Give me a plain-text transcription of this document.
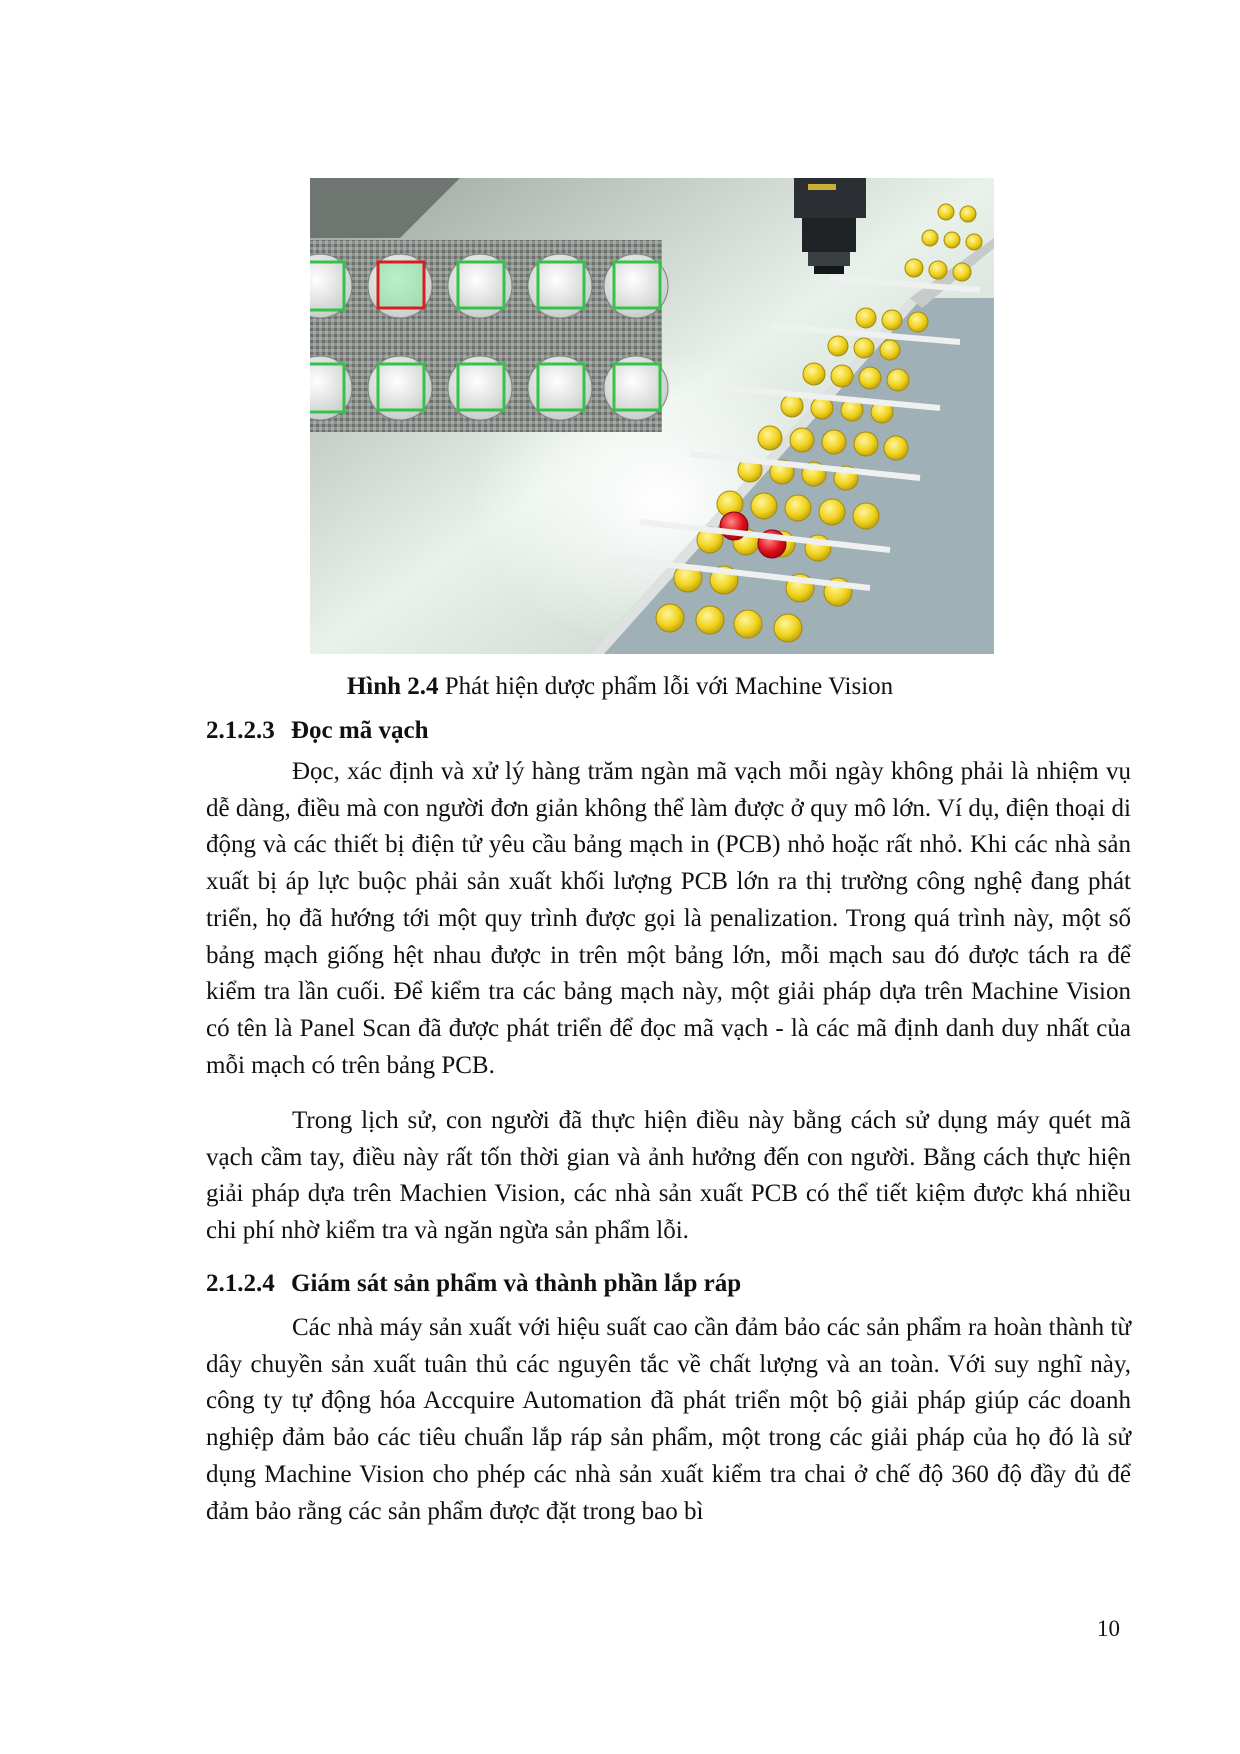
Hình 2.4 Phát hiện dược phẩm lỗi với Machine Vision
2.1.2.3 Đọc mã vạch

Đọc, xác định và xử lý hàng trăm ngàn mã vạch mỗi ngày không phải là nhiệm vụ dễ dàng, điều mà con người đơn giản không thể làm được ở quy mô lớn. Ví dụ, điện thoại di động và các thiết bị điện tử yêu cầu bảng mạch in (PCB) nhỏ hoặc rất nhỏ. Khi các nhà sản xuất bị áp lực buộc phải sản xuất khối lượng PCB lớn ra thị trường công nghệ đang phát triển, họ đã hướng tới một quy trình được gọi là penalization. Trong quá trình này, một số bảng mạch giống hệt nhau được in trên một bảng lớn, mỗi mạch sau đó được tách ra để kiểm tra lần cuối. Để kiểm tra các bảng mạch này, một giải pháp dựa trên Machine Vision có tên là Panel Scan đã được phát triển để đọc mã vạch - là các mã định danh duy nhất của mỗi mạch có trên bảng PCB.

Trong lịch sử, con người đã thực hiện điều này bằng cách sử dụng máy quét mã vạch cầm tay, điều này rất tốn thời gian và ảnh hưởng đến con người. Bằng cách thực hiện giải pháp dựa trên Machien Vision, các nhà sản xuất PCB có thể tiết kiệm được khá nhiều chi phí nhờ kiểm tra và ngăn ngừa sản phẩm lỗi.

2.1.2.4 Giám sát sản phẩm và thành phần lắp ráp

Các nhà máy sản xuất với hiệu suất cao cần đảm bảo các sản phẩm ra hoàn thành từ dây chuyền sản xuất tuân thủ các nguyên tắc về chất lượng và an toàn. Với suy nghĩ này, công ty tự động hóa Accquire Automation đã phát triển một bộ giải pháp giúp các doanh nghiệp đảm bảo các tiêu chuẩn lắp ráp sản phẩm, một trong các giải pháp của họ đó là sử dụng Machine Vision cho phép các nhà sản xuất kiểm tra chai ở chế độ 360 độ đầy đủ để đảm bảo rằng các sản phẩm được đặt trong bao bì

10
